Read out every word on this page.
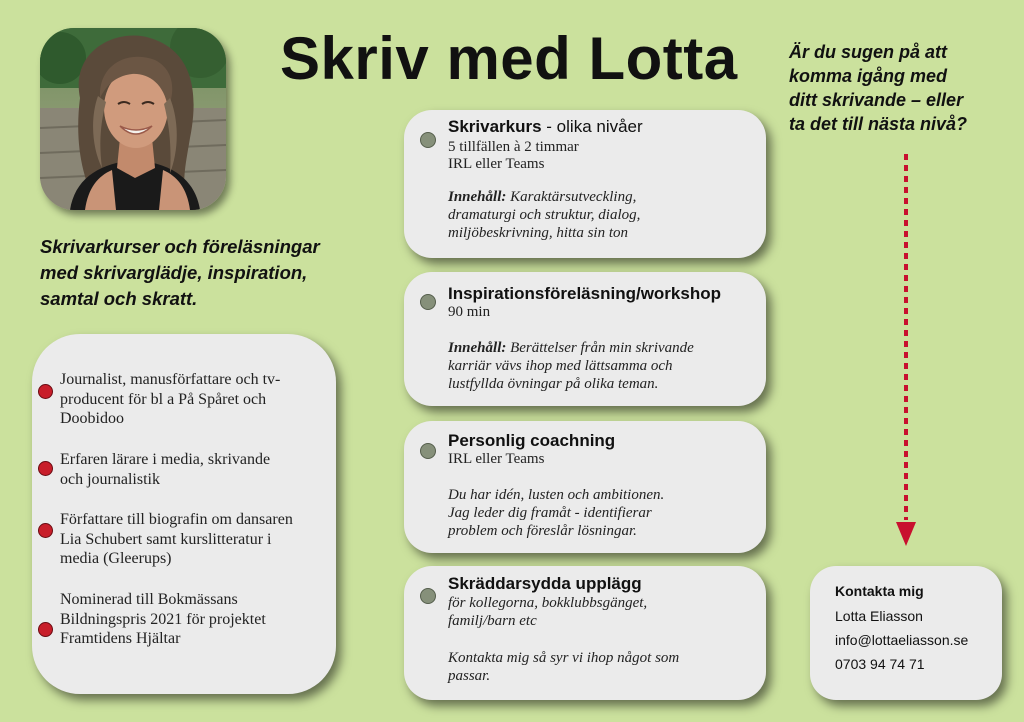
Skriv med Lotta	Är du sugen på att
komma igång med
ditt skrivande – eller
ta det till nästa nivå?

Skrivarkurser och föreläsningar
med skrivarglädje, inspiration,
samtal och skratt.

Journalist, manusförfattare och tv-
producent för bl a På Spåret och
Doobidoo

Erfaren lärare i media, skrivande
och journalistik

Författare till biografin om dansaren
Lia Schubert samt kurslitteratur i
media (Gleerups)

Nominerad till Bokmässans
Bildningspris 2021 för projektet
Framtidens Hjältar

Skrivarkurs - olika nivåer

5 tillfällen à 2 timmar

IRL eller Teams

Innehåll: Karaktärsutveckling,

dramaturgi och struktur, dialog,

miljöbeskrivning, hitta sin ton

Inspirationsföreläsning/workshop

90 min

Innehåll: Berättelser från min skrivande

karriär vävs ihop med lättsamma och

lustfyllda övningar på olika teman.

Personlig coachning

IRL eller Teams

Du har idén, lusten och ambitionen.

Jag leder dig framåt - identifierar

problem och föreslår lösningar.

Skräddarsydda upplägg

för kollegorna, bokklubbsgänget,

familj/barn etc

Kontakta mig så syr vi ihop något som

passar.

Kontakta mig

Lotta Eliasson

info@lottaeliasson.se

0703 94 74 71
